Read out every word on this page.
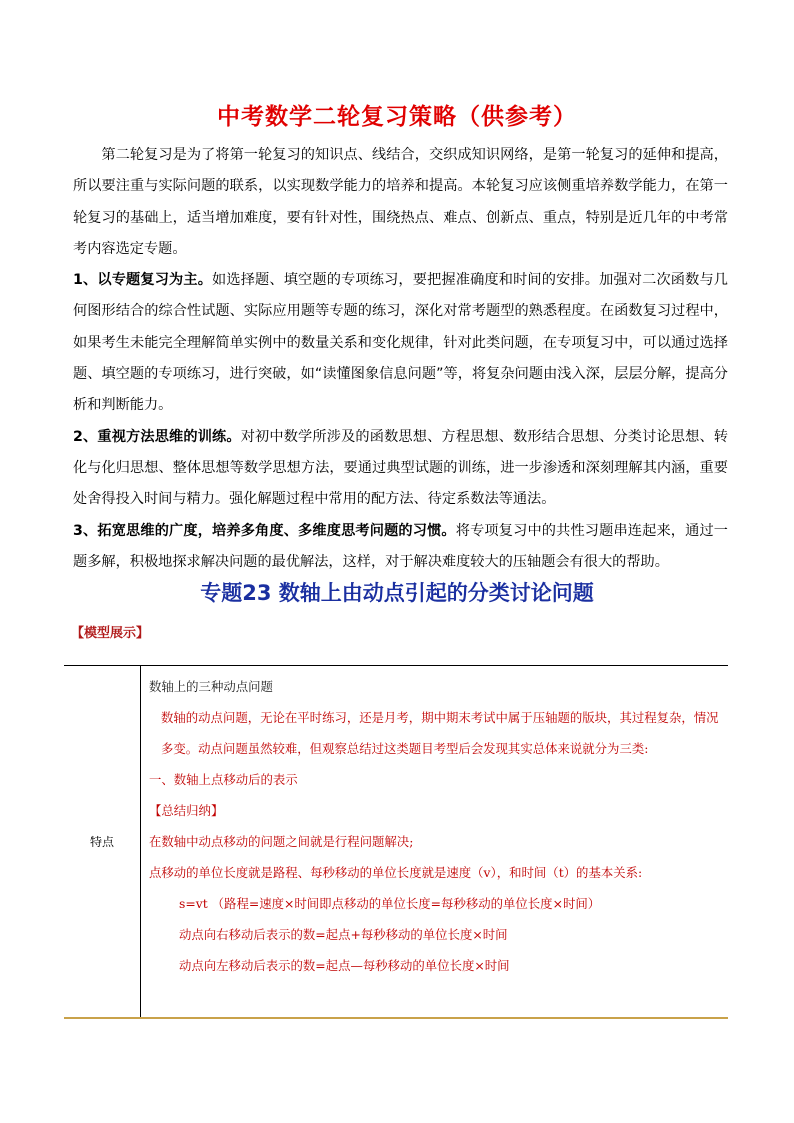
中考数学二轮复习策略（供参考）

第二轮复习是为了将第一轮复习的知识点、线结合，交织成知识网络，是第一轮复习的延伸和提高，所以要注重与实际问题的联系，以实现数学能力的培养和提高。本轮复习应该侧重培养数学能力，在第一轮复习的基础上，适当增加难度，要有针对性，围绕热点、难点、创新点、重点，特别是近几年的中考常考内容选定专题。

1、以专题复习为主。如选择题、填空题的专项练习，要把握准确度和时间的安排。加强对二次函数与几何图形结合的综合性试题、实际应用题等专题的练习，深化对常考题型的熟悉程度。在函数复习过程中，如果考生未能完全理解简单实例中的数量关系和变化规律，针对此类问题，在专项复习中，可以通过选择题、填空题的专项练习，进行突破，如“读懂图象信息问题”等，将复杂问题由浅入深，层层分解，提高分析和判断能力。

2、重视方法思维的训练。对初中数学所涉及的函数思想、方程思想、数形结合思想、分类讨论思想、转化与化归思想、整体思想等数学思想方法，要通过典型试题的训练，进一步渗透和深刻理解其内涵，重要处舍得投入时间与精力。强化解题过程中常用的配方法、待定系数法等通法。

3、拓宽思维的广度，培养多角度、多维度思考问题的习惯。将专项复习中的共性习题串连起来，通过一题多解，积极地探求解决问题的最优解法，这样，对于解决难度较大的压轴题会有很大的帮助。

专题23 数轴上由动点引起的分类讨论问题
【模型展示】
特点	

数轴上的三种动点问题

数轴的动点问题，无论在平时练习，还是月考，期中期末考试中属于压轴题的版块，其过程复杂，情况多变。动点问题虽然较难，但观察总结过这类题目考型后会发现其实总体来说就分为三类:

一、数轴上点移动后的表示

【总结归纳】

在数轴中动点移动的问题之间就是行程问题解决;

点移动的单位长度就是路程、每秒移动的单位长度就是速度（v），和时间（t）的基本关系:

s=vt （路程=速度×时间即点移动的单位长度=每秒移动的单位长度×时间）

动点向右移动后表示的数=起点+每秒移动的单位长度×时间

动点向左移动后表示的数=起点—每秒移动的单位长度×时间
